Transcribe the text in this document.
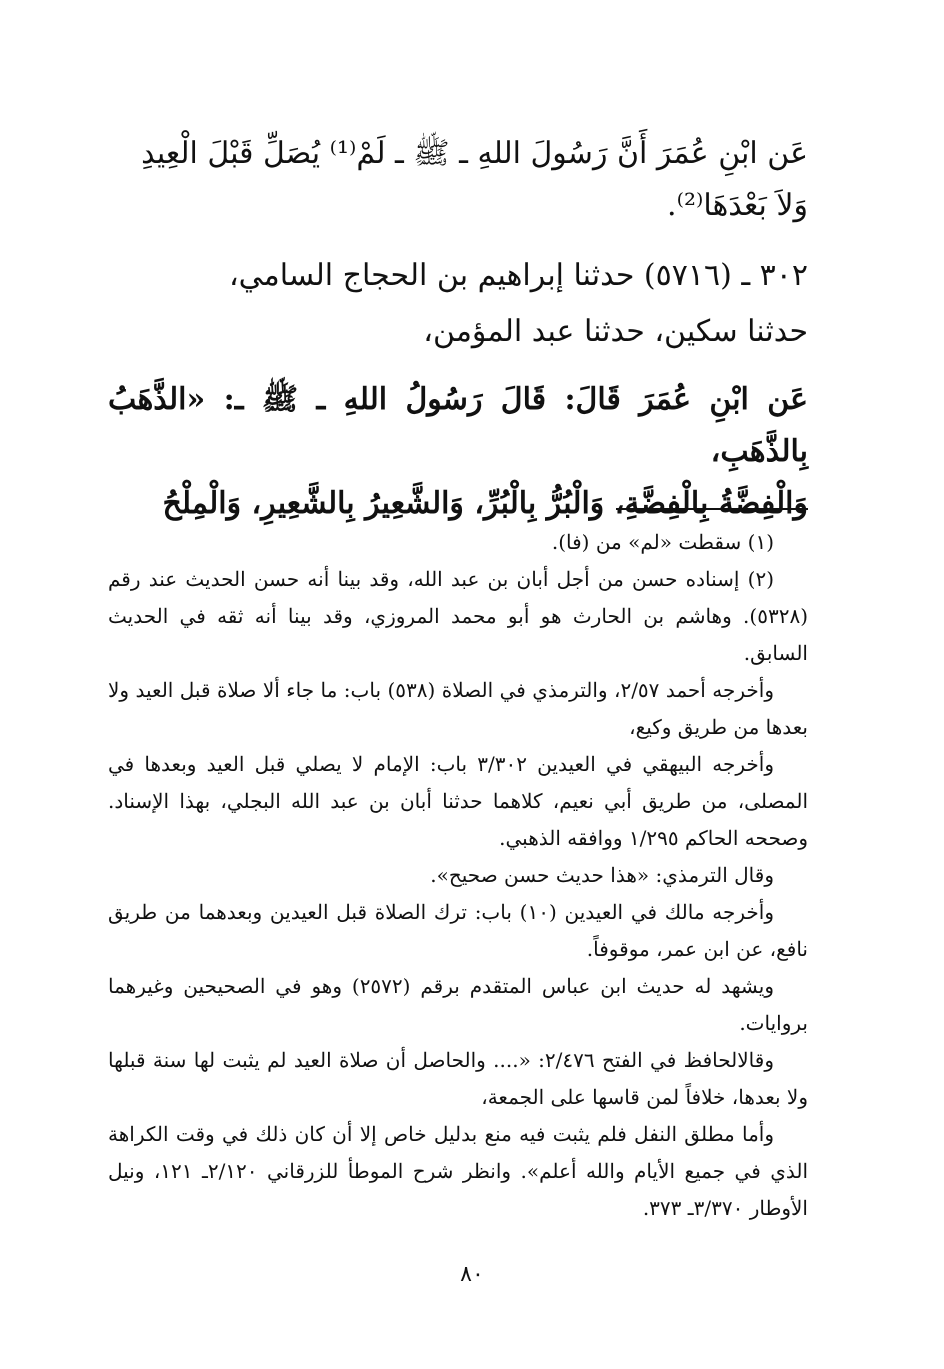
عَن ابْنِ عُمَرَ أَنَّ رَسُولَ اللهِ ـ ﷺ ـ لَمْ⁽¹⁾ يُصَلِّ قَبْلَ الْعِيدِ

وَلاَ بَعْدَهَا⁽²⁾.

٣٠٢ ـ (٥٧١٦) حدثنا إبراهيم بن الحجاج السامي،

حدثنا سكين، حدثنا عبد المؤمن،

عَن ابْنِ عُمَرَ قَالَ: قَالَ رَسُولُ اللهِ ـ ﷺ ـ: «الذَّهَبُ بِالذَّهَبِ،

وَالْفِضَّةُ بِالْفِضَّةِ، وَالْبُرُّ بِالْبُرِّ، وَالشَّعِيرُ بِالشَّعِيرِ، وَالْمِلْحُ

(١) سقطت «لم» من (فا).

(٢) إسناده حسن من أجل أبان بن عبد الله، وقد بينا أنه حسن الحديث عند رقم (٥٣٢٨). وهاشم بن الحارث هو أبو محمد المروزي، وقد بينا أنه ثقه في الحديث السابق.

وأخرجه أحمد ٢/٥٧، والترمذي في الصلاة (٥٣٨) باب: ما جاء ألا صلاة قبل العيد ولا بعدها من طريق وكيع،

وأخرجه البيهقي في العيدين ٣/٣٠٢ باب: الإمام لا يصلي قبل العيد وبعدها في المصلى، من طريق أبي نعيم، كلاهما حدثنا أبان بن عبد الله البجلي، بهذا الإسناد. وصححه الحاكم ١/٢٩٥ ووافقه الذهبي.

وقال الترمذي: «هذا حديث حسن صحيح».

وأخرجه مالك في العيدين (١٠) باب: ترك الصلاة قبل العيدين وبعدهما من طريق نافع، عن ابن عمر، موقوفاً.

ويشهد له حديث ابن عباس المتقدم برقم (٢٥٧٢) وهو في الصحيحين وغيرهما بروايات.

وقالالحافظ في الفتح ٢/٤٧٦: «.... والحاصل أن صلاة العيد لم يثبت لها سنة قبلها ولا بعدها، خلافاً لمن قاسها على الجمعة،

وأما مطلق النفل فلم يثبت فيه منع بدليل خاص إلا أن كان ذلك في وقت الكراهة الذي في جميع الأيام والله أعلم». وانظر شرح الموطأ للزرقاني ٢/١٢٠ـ ١٢١، ونيل الأوطار ٣/٣٧٠ـ ٣٧٣.

٨٠
